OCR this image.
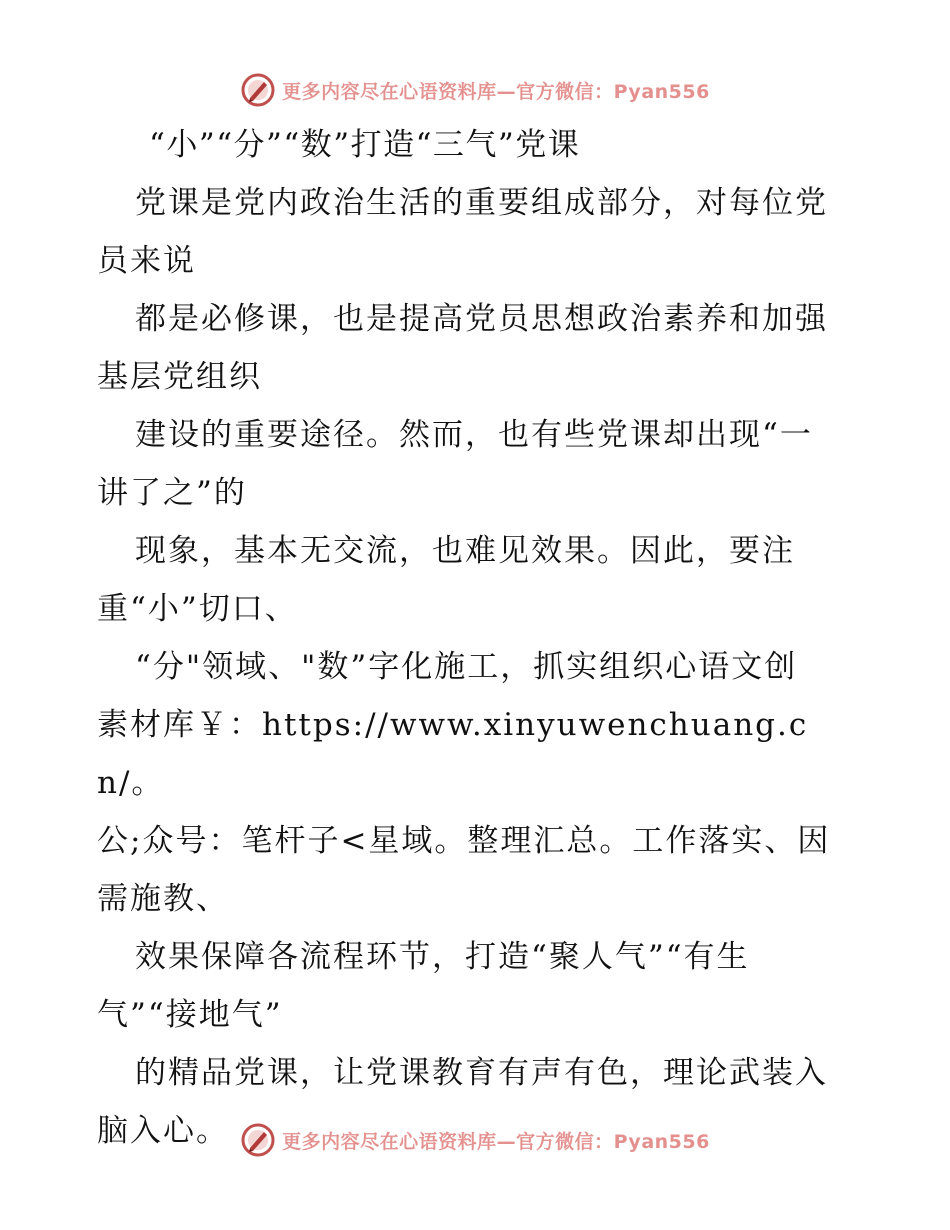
更多内容尽在心语资料库—官方微信：Pyan556
“小”“分”“数”打造“三气”党课

党课是党内政治生活的重要组成部分，对每位党
员来说

都是必修课，也是提高党员思想政治素养和加强
基层党组织

建设的重要途径。然而，也有些党课却出现“一
讲了之”的

现象，基本无交流，也难见效果。因此，要注
重“小”切口、

“分"领域、"数”字化施工，抓实组织心语文创
素材库￥：https://www.xinyuwenchuang.cn/。
公;众号：笔杆子<星域。整理汇总。工作落实、因
需施教、

效果保障各流程环节，打造“聚人气”“有生
气”“接地气”

的精品党课，让党课教育有声有色，理论武装入
脑入心。	更多内容尽在心语资料库—官方微信：Pyan556
